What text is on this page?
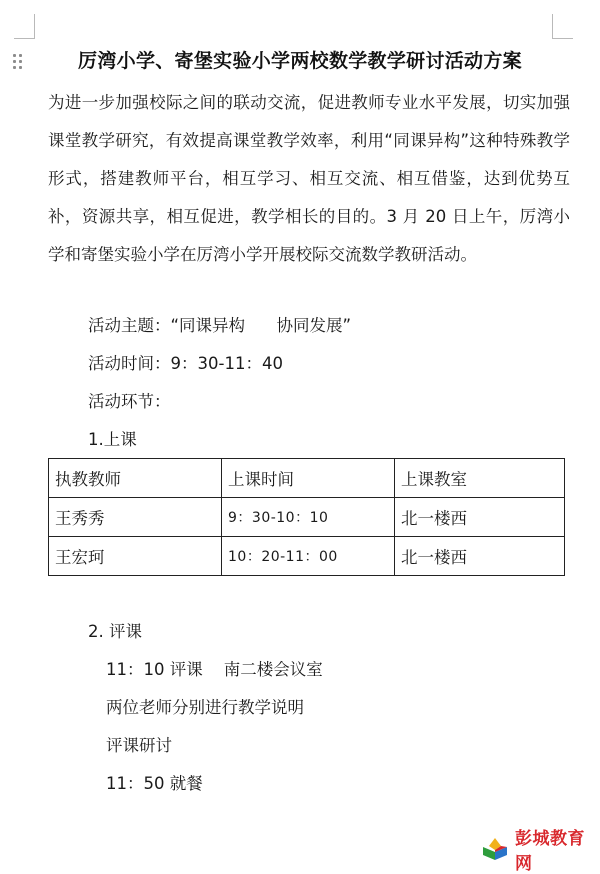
厉湾小学、寄堡实验小学两校数学教学研讨活动方案

为进一步加强校际之间的联动交流，促进教师专业水平发展，切实加强课堂教学研究，有效提高课堂教学效率，利用“同课异构”这种特殊教学形式，搭建教师平台，相互学习、相互交流、相互借鉴，达到优势互补，资源共享，相互促进，教学相长的目的。3 月 20 日上午，厉湾小学和寄堡实验小学在厉湾小学开展校际交流数学教研活动。

活动主题：“同课异构      协同发展”
活动时间：9：30-11：40
活动环节：
1.上课
执教教师	上课时间	上课教室
王秀秀	9：30-10：10	北一楼西
王宏珂	10：20-11：00	北一楼西
2. 评课
11：10 评课    南二楼会议室
两位老师分别进行教学说明
评课研讨
11：50 就餐
彭城教育网
